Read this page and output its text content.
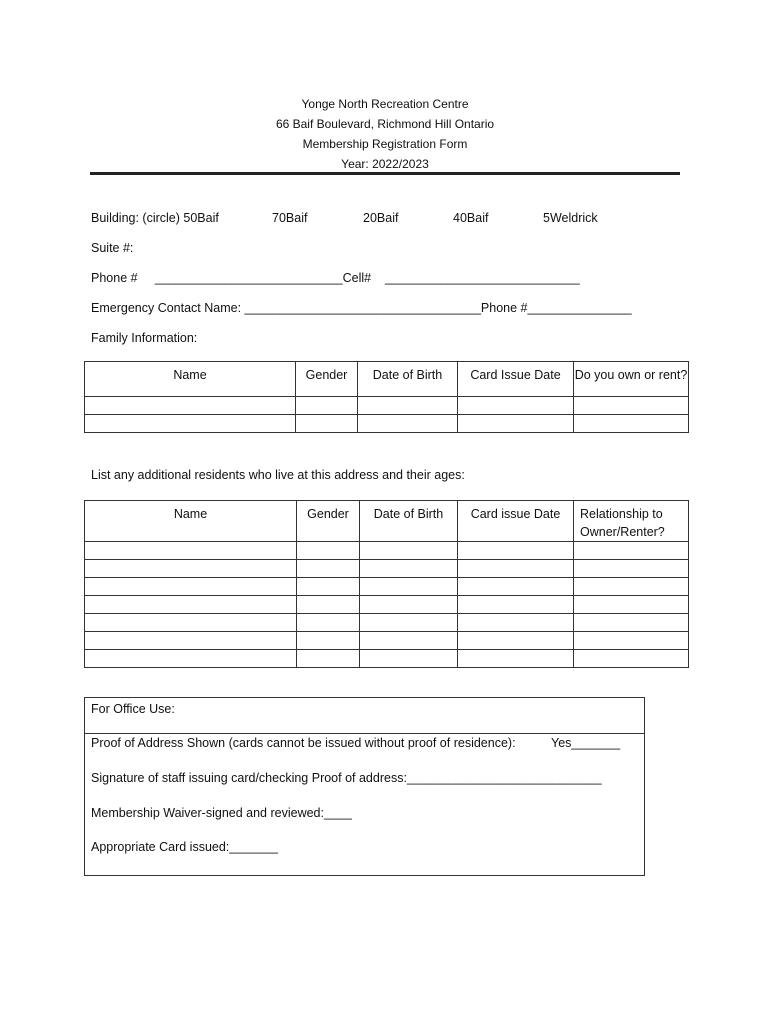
Yonge North Recreation Centre
66 Baif Boulevard, Richmond Hill Ontario
Membership Registration Form
Year: 2022/2023
Building: (circle) 50Baif	70Baif	20Baif	40Baif	5Weldrick
Suite #:
Phone #     ___________________________Cell#    ____________________________
Emergency Contact Name: __________________________________Phone #_______________
Family Information:
Name	Gender	Date of Birth	Card Issue Date	Do you own or rent?

List any additional residents who live at this address and their ages:
Name	Gender	Date of Birth	Card issue Date	Relationship to Owner/Renter?

For Office Use:
Proof of Address Shown (cards cannot be issued without proof of residence):	Yes_______
Signature of staff issuing card/checking Proof of address:____________________________
Membership Waiver-signed and reviewed:____
Appropriate Card issued:_______
